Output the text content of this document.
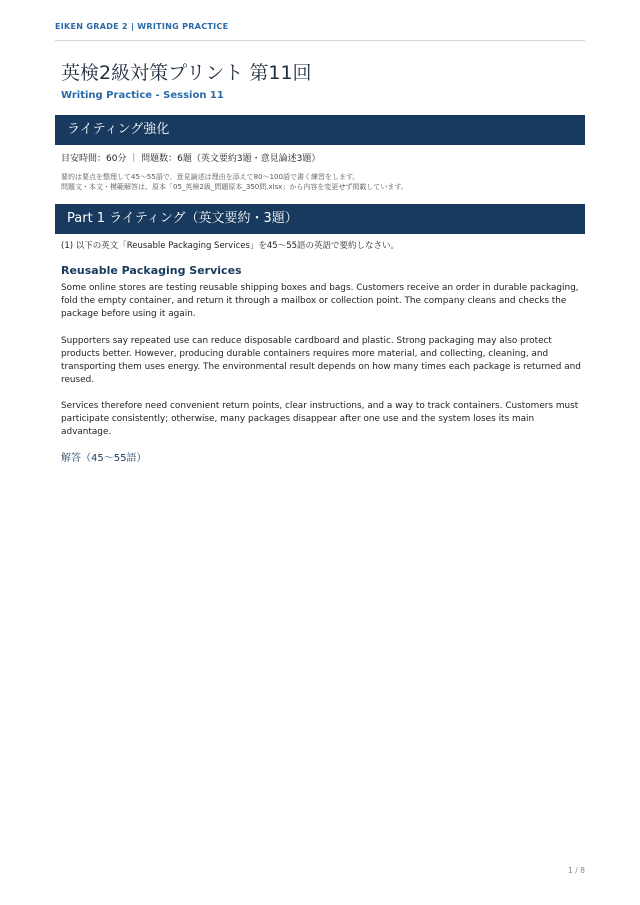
EIKEN GRADE 2 | WRITING PRACTICE
英検2級対策プリント 第11回
Writing Practice - Session 11
ライティング強化
目安時間：60分 ｜ 問題数：6題（英文要約3題・意見論述3題）
要約は要点を整理して45〜55語で、意見論述は理由を添えて80〜100語で書く練習をします。
問題文・本文・模範解答は、原本「05_英検2級_問題原本_350問.xlsx」から内容を変更せず掲載しています。
Part 1 ライティング（英文要約・3題）
(1) 以下の英文「Reusable Packaging Services」を45〜55語の英語で要約しなさい。
Reusable Packaging Services

Some online stores are testing reusable shipping boxes and bags. Customers receive an order in durable packaging, fold the empty container, and return it through a mailbox or collection point. The company cleans and checks the package before using it again.

Supporters say repeated use can reduce disposable cardboard and plastic. Strong packaging may also protect products better. However, producing durable containers requires more material, and collecting, cleaning, and transporting them uses energy. The environmental result depends on how many times each package is returned and reused.

Services therefore need convenient return points, clear instructions, and a way to track containers. Customers must participate consistently; otherwise, many packages disappear after one use and the system loses its main advantage.

解答（45〜55語）
1 / 8
